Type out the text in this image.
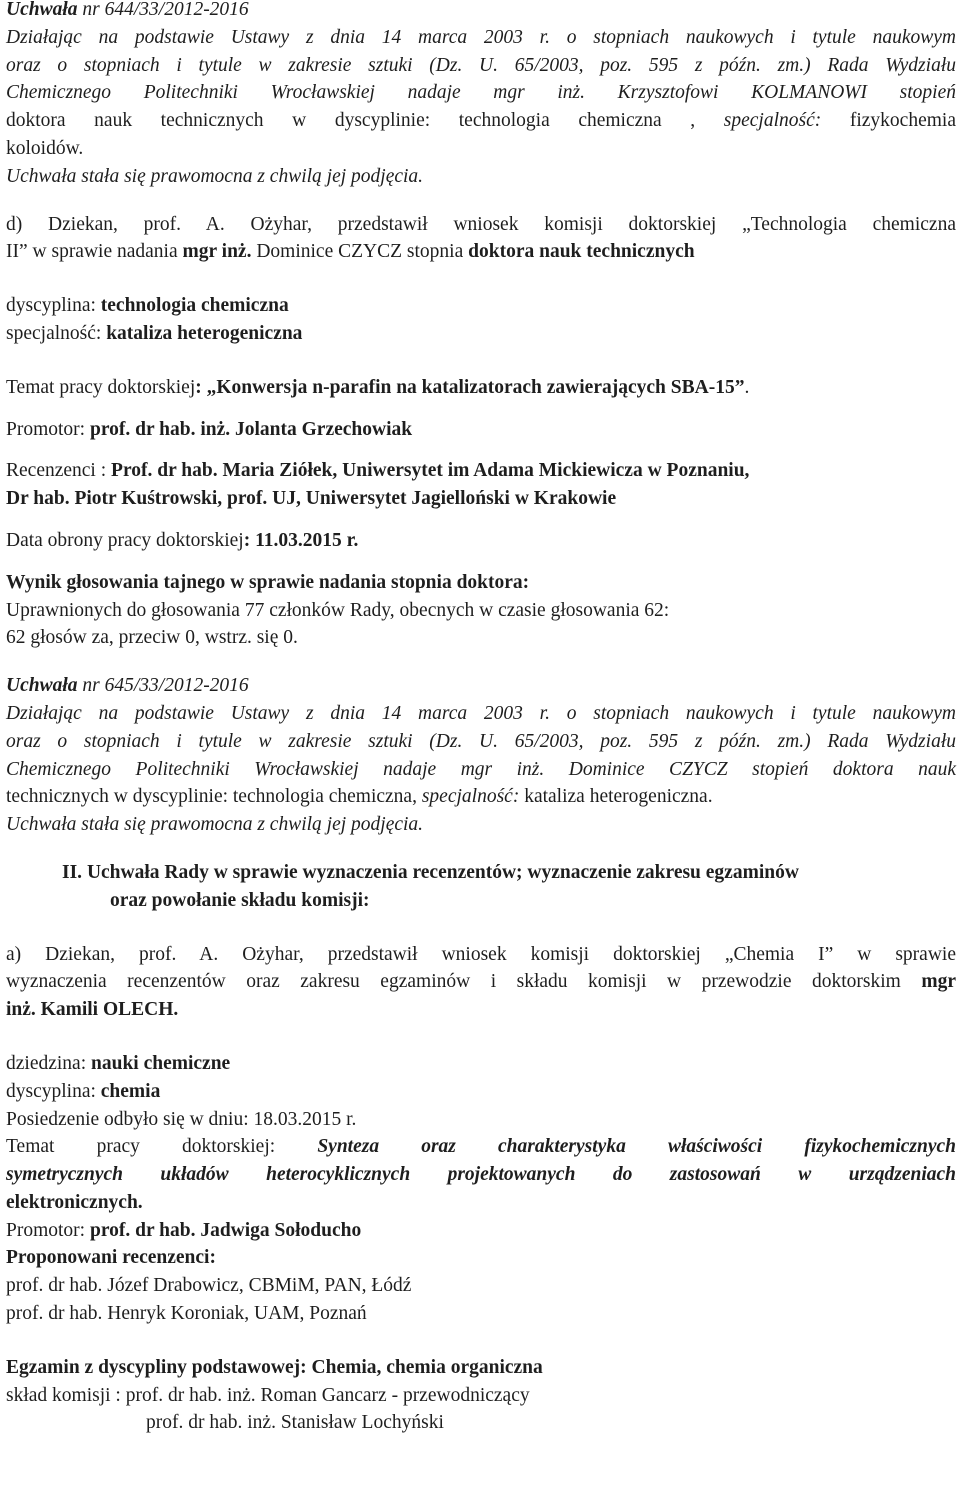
Uchwała nr 644/33/2012-2016
Działając na podstawie Ustawy z dnia 14 marca 2003 r. o stopniach naukowych i tytule naukowym
oraz o stopniach i tytule w zakresie sztuki (Dz. U. 65/2003, poz. 595 z późn. zm.) Rada Wydziału
Chemicznego Politechniki Wrocławskiej nadaje mgr inż. Krzysztofowi KOLMANOWI stopień
doktora nauk technicznych w dyscyplinie: technologia chemiczna , specjalność: fizykochemia
koloidów.
Uchwała stała się prawomocna z chwilą jej podjęcia.
d) Dziekan, prof. A. Ożyhar, przedstawił wniosek komisji doktorskiej „Technologia chemiczna
II” w sprawie nadania mgr inż. Dominice CZYCZ stopnia doktora nauk technicznych
dyscyplina: technologia chemiczna
specjalność: kataliza heterogeniczna
Temat pracy doktorskiej: „Konwersja n-parafin na katalizatorach zawierających SBA-15”.
Promotor: prof. dr hab. inż. Jolanta Grzechowiak
Recenzenci : Prof. dr hab. Maria Ziółek, Uniwersytet im Adama Mickiewicza w Poznaniu,
Dr hab. Piotr Kuśtrowski, prof. UJ, Uniwersytet Jagielloński w Krakowie
Data obrony pracy doktorskiej: 11.03.2015 r.
Wynik głosowania tajnego w sprawie nadania stopnia doktora:
Uprawnionych do głosowania 77 członków Rady, obecnych w czasie głosowania 62:
62 głosów za, przeciw 0, wstrz. się 0.
Uchwała nr 645/33/2012-2016
Działając na podstawie Ustawy z dnia 14 marca 2003 r. o stopniach naukowych i tytule naukowym
oraz o stopniach i tytule w zakresie sztuki (Dz. U. 65/2003, poz. 595 z późn. zm.) Rada Wydziału
Chemicznego Politechniki Wrocławskiej nadaje mgr inż. Dominice CZYCZ stopień doktora nauk
technicznych w dyscyplinie: technologia chemiczna, specjalność: kataliza heterogeniczna.
Uchwała stała się prawomocna z chwilą jej podjęcia.
II. Uchwała Rady w sprawie wyznaczenia recenzentów; wyznaczenie zakresu egzaminów
oraz powołanie składu komisji:
a) Dziekan, prof. A. Ożyhar, przedstawił wniosek komisji doktorskiej „Chemia I” w sprawie
wyznaczenia recenzentów oraz zakresu egzaminów i składu komisji w przewodzie doktorskim mgr
inż. Kamili OLECH.
dziedzina: nauki chemiczne
dyscyplina: chemia
Posiedzenie odbyło się w dniu: 18.03.2015 r.
Temat pracy doktorskiej: Synteza oraz charakterystyka właściwości fizykochemicznych
symetrycznych układów heterocyklicznych projektowanych do zastosowań w urządzeniach
elektronicznych.
Promotor: prof. dr hab. Jadwiga Sołoducho
Proponowani recenzenci:
prof. dr hab. Józef Drabowicz, CBMiM, PAN, Łódź
prof. dr hab. Henryk Koroniak, UAM, Poznań
Egzamin z dyscypliny podstawowej: Chemia, chemia organiczna
skład komisji : prof. dr hab. inż. Roman Gancarz - przewodniczący
prof. dr hab. inż. Stanisław Lochyński
